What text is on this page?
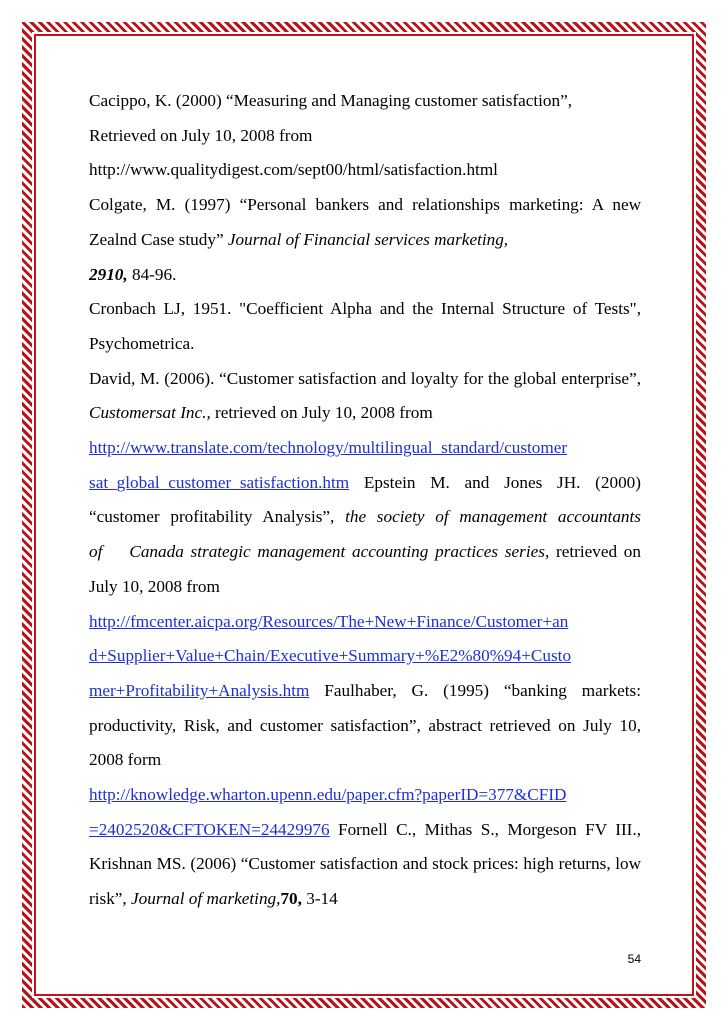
Cacippo, K. (2000) “Measuring and Managing customer satisfaction”,
Retrieved on July 10, 2008 from
http://www.qualitydigest.com/sept00/html/satisfaction.html

Colgate, M. (1997) “Personal bankers and relationships marketing: A new Zealnd Case study” Journal of Financial services marketing,
2910, 84-96.

Cronbach LJ, 1951. "Coefficient Alpha and the Internal Structure of Tests", Psychometrica.

David, M. (2006). “Customer satisfaction and loyalty for the global enterprise”, Customersat Inc., retrieved on July 10, 2008 from
http://www.translate.com/technology/multilingual_standard/customer
sat_global_customer_satisfaction.htm Epstein M. and Jones JH. (2000) “customer profitability Analysis”, the society of management accountants of Canada strategic management accounting practices series, retrieved on July 10, 2008 from
http://fmcenter.aicpa.org/Resources/The+New+Finance/Customer+an
d+Supplier+Value+Chain/Executive+Summary+%E2%80%94+Custo
mer+Profitability+Analysis.htm Faulhaber, G. (1995) “banking markets: productivity, Risk, and customer satisfaction”, abstract retrieved on July 10, 2008 form
http://knowledge.wharton.upenn.edu/paper.cfm?paperID=377&CFID
=2402520&CFTOKEN=24429976 Fornell C., Mithas S., Morgeson FV III., Krishnan MS. (2006) “Customer satisfaction and stock prices: high returns, low risk”, Journal of marketing,70, 3-14

54
